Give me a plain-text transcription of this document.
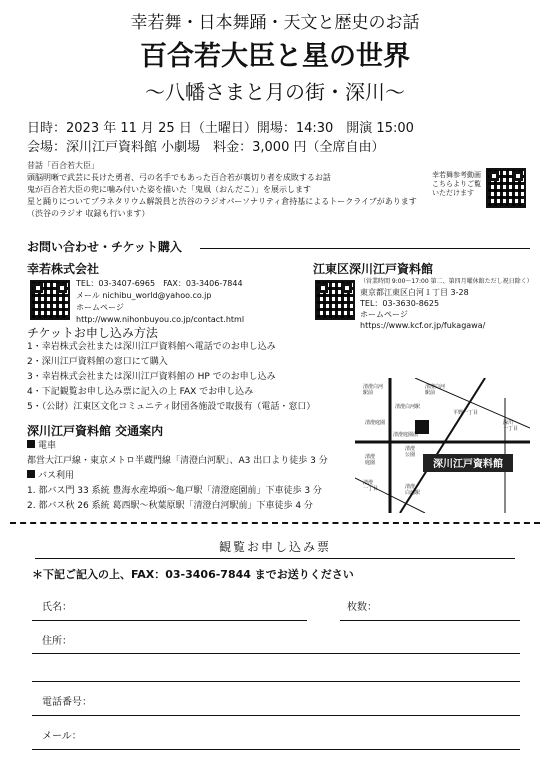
幸若舞・日本舞踊・天文と歴史のお話
百合若大臣と星の世界
〜八幡さまと月の街・深川〜
日時：2023 年 11 月 25 日（土曜日）開場：14:30　開演 15:00
会場：深川江戸資料館 小劇場　料金：3,000 円（全席自由）
昔話「百合若大臣」
頭脳明晰で武芸に長けた勇者、弓の名手でもあった百合若が裏切り者を成敗するお話
鬼が百合若大臣の兜に噛み付いた姿を描いた「鬼凧（おんだこ）」を展示します
星と踊りについてプラネタリウム解説員と渋谷のラジオパーソナリティ倉持基によるトークライブがあります
（渋谷のラジオ 収録も行います）
幸若舞参考動画
こちらよりご覧
いただけます
お問い合わせ・チケット購入
幸若株式会社
TEL：03-3407-6965　FAX：03-3406-7844
メール nichibu_world@yahoo.co.jp
ホームページ
http://www.nihonbuyou.co.jp/contact.html
江東区深川江戸資料館
（営業時間 9:00〜17:00 第二、第四月曜休館ただし祝日除く）
東京都江東区白河１丁目 3-28
TEL：03-3630-8625
ホームページ
https://www.kcf.or.jp/fukagawa/
チケットお申し込み方法
1・幸岩株式会社または深川江戸資料館へ電話でのお申し込み
2・深川江戸資料館の窓口にて購入
3・幸岩株式会社または深川江戸資料館の HP でのお申し込み
4・下記観覧お申し込み票に記入の上 FAX でお申し込み
5・（公財）江東区文化コミュニティ財団各施設で取扱有（電話・窓口）
深川江戸資料館 交通案内
電車
都営大江戸線・東京メトロ半蔵門線「清澄白河駅」、A3 出口より徒歩 3 分
バス利用
1. 都バス門 33 系統 豊海水産埠頭〜亀戸駅「清澄庭園前」下車徒歩 3 分
2. 都バス秋 26 系統 葛西駅〜秋葉原駅「清澄白河駅前」下車徒歩 4 分
深川江戸資料館
清澄白河
駅前
清澄白河
駅前
清澄白河駅
清澄庭園
清澄
庭園
清澄
公園
清澄庭園前
深川
一丁目
平野一丁目
清澄
一丁目	清澄
白河駅
観覧お申し込み票
＊下記ご記入の上、FAX：03-3406-7844 までお送りください
氏名：	枚数：
住所：
電話番号：
メール：
